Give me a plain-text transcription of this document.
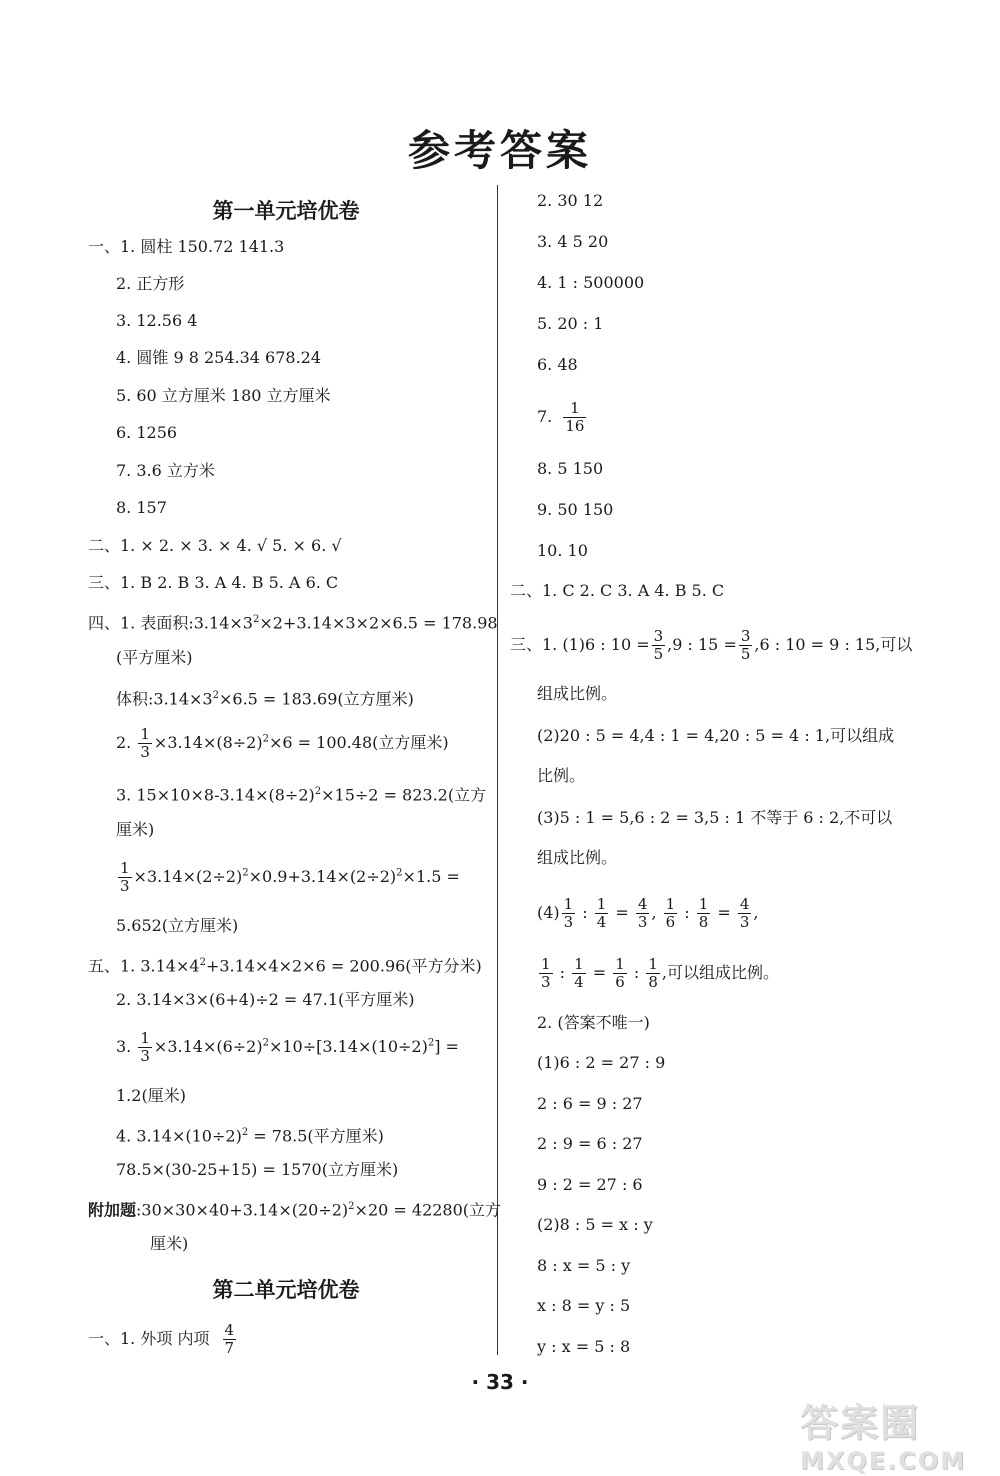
参考答案
第一单元培优卷
一、1. 圆柱 150.72 141.3
2. 正方形
3. 12.56 4
4. 圆锥 9 8 254.34 678.24
5. 60 立方厘米 180 立方厘米
6. 1256
7. 3.6 立方米
8. 157
二、1. × 2. × 3. × 4. √ 5. × 6. √
三、1. B 2. B 3. A 4. B 5. A 6. C
四、1. 表面积$:3.14\times 3^2\times 2+3.14\times 3\times 2\times 6.5 = 178.98$
(平方厘米)
体积$:3.14\times 3^2\times 6.5 = 183.69$(立方厘米)
2. $\frac{1}{3} \times 3.14\times(8\div 2)^2\times 6 = 100.48$(立方厘米)
3. $15\times 10\times 8-3.14\times(8\div 2)^2\times 15\div 2 = 823.2$(立方
厘米)
$\frac{1}{3} \times 3.14\times(2\div 2)^2\times 0.9+3.14\times(2\div 2)^2\times 1.5$ =
5.652(立方厘米)
五、1. $3.14\times 4^2+3.14\times 4\times 2\times 6 = 200.96$(平方分米)
2. 3.14×3×(6+4)÷2 = 47.1(平方厘米)
3. $\frac{1}{3} \times 3.14\times(6\div 2)^2\times 10\div[3.14\times(10\div 2)^2]$ =
1.2(厘米)
4. $3.14\times(10\div 2)^2 = 78.5$(平方厘米)
78.5×(30-25+15) = 1570(立方厘米)
附加题$:30\times 30\times 40+3.14\times(20\div 2)^2\times 20 = 42280$(立方
厘米)
第二单元培优卷
一、1. 外项 内项 $\frac{4}{7}$
2. 30 12
3. 4 5 20
4. 1 : 500000
5. 20 : 1
6. 48
7. $\frac{1}{16}$
8. 5 150
9. 50 150
10. 10
二、1. C 2. C 3. A 4. B 5. C
三、1. (1)6 : $10 = \frac{3}{5} ,9$ : $15 = \frac{3}{5} ,6$ : 10 = 9 : 15,可以
组成比例。
(2)20 : 5 = 4,4 : 1 = 4,20 : 5 = 4 : 1,可以组成
比例。
(3)5 : 1 = 5,6 : 2 = 3,5 : 1 不等于 6 : 2,不可以
组成比例。
$(4) \frac{1}{3}$ : $\frac{1}{4} = \frac{4}{3}$ , $\frac{1}{6}$ : $\frac{1}{8} = \frac{4}{3}$ ,
$\frac{1}{3}$ : $\frac{1}{4} = \frac{1}{6}$ : $\frac{1}{8}$ ,可以组成比例。
2. (答案不唯一)
(1)6 : 2 = 27 : 9
2 : 6 = 9 : 27
2 : 9 = 6 : 27
9 : 2 = 27 : 6
(2)8 : 5 = x : y
8 : x = 5 : y
x : 8 = y : 5
y : x = 5 : 8
· 33 ·
答案圈
MXQE.COM
